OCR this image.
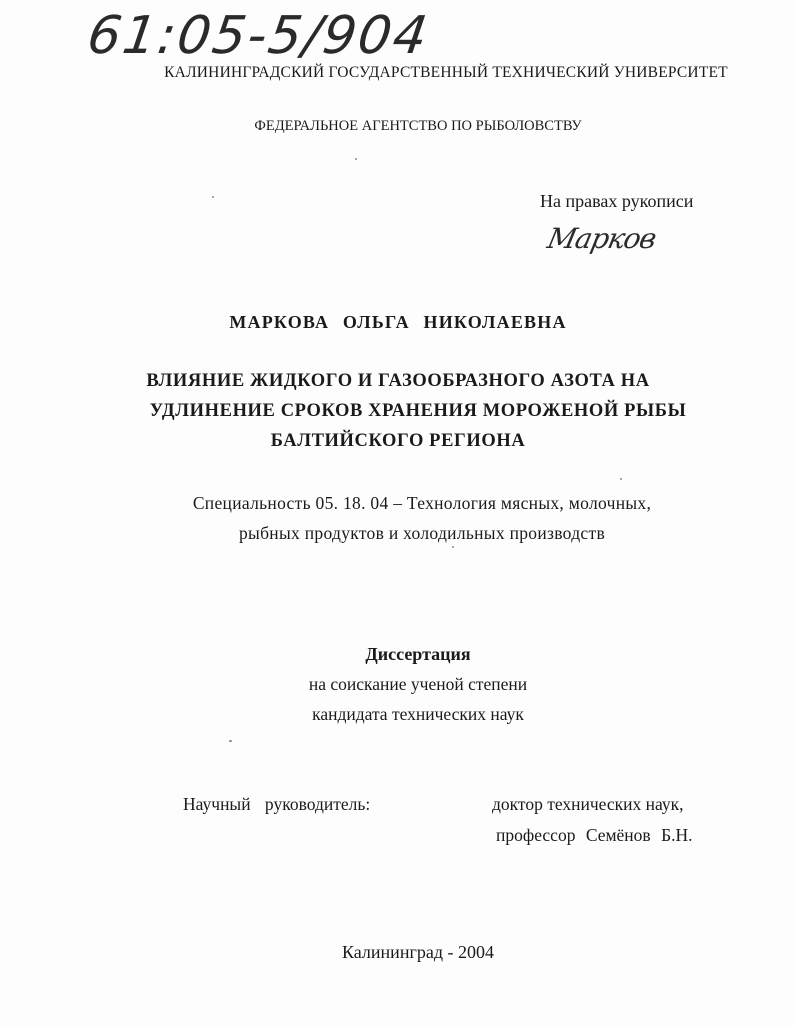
61:05-5/904
КАЛИНИНГРАДСКИЙ ГОСУДАРСТВЕННЫЙ ТЕХНИЧЕСКИЙ УНИВЕРСИТЕТ
ФЕДЕРАЛЬНОЕ АГЕНТСТВО ПО РЫБОЛОВСТВУ
На правах рукописи
Марков
МАРКОВА ОЛЬГА НИКОЛАЕВНА
ВЛИЯНИЕ ЖИДКОГО И ГАЗООБРАЗНОГО АЗОТА НА
УДЛИНЕНИЕ СРОКОВ ХРАНЕНИЯ МОРОЖЕНОЙ РЫБЫ
БАЛТИЙСКОГО РЕГИОНА
Специальность 05. 18. 04 – Технология мясных, молочных,
рыбных продуктов и холодильных производств
Диссертация
на соискание ученой степени
кандидата технических наук
Научный руководитель:	доктор технических наук,
профессор Семёнов Б.Н.
Калининград - 2004
